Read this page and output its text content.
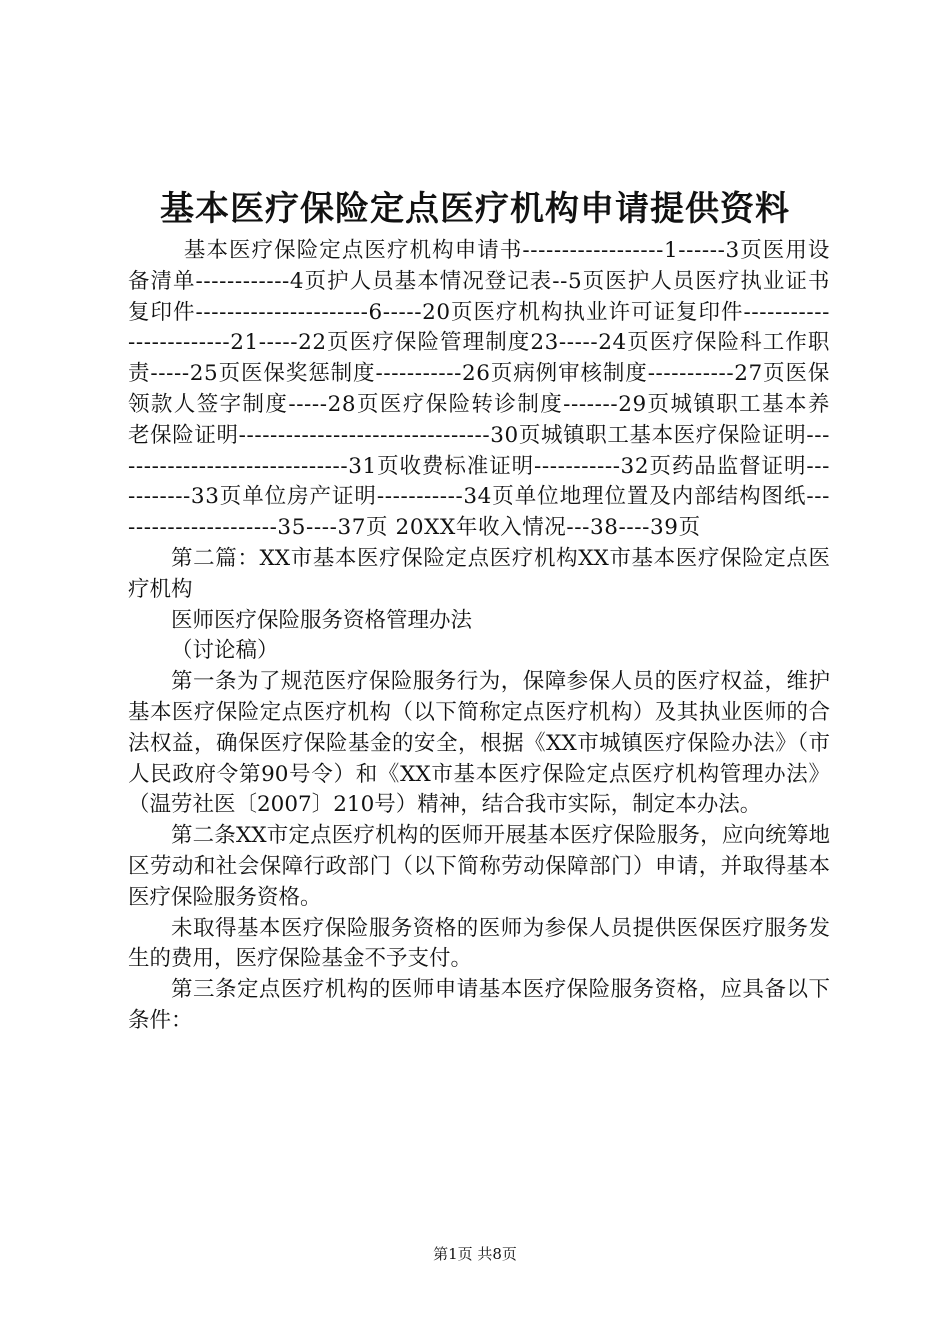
基本医疗保险定点医疗机构申请提供资料

基本医疗保险定点医疗机构申请书------------------1------3页医用设备清单------------4页护人员基本情况登记表--5页医护人员医疗执业证书复印件----------------------6-----20页医疗机构执业许可证复印件------------------------21-----22页医疗保险管理制度23-----24页医疗保险科工作职责-----25页医保奖惩制度-----------26页病例审核制度-----------27页医保领款人签字制度-----28页医疗保险转诊制度-------29页城镇职工基本养老保险证明--------------------------------30页城镇职工基本医疗保险证明-------------------------------31页收费标准证明-----------32页药品监督证明-----------33页单位房产证明-----------34页单位地理位置及内部结构图纸----------------------35----37页 20XX年收入情况---38----39页

第二篇：XX市基本医疗保险定点医疗机构XX市基本医疗保险定点医疗机构

医师医疗保险服务资格管理办法

（讨论稿）

第一条为了规范医疗保险服务行为，保障参保人员的医疗权益，维护基本医疗保险定点医疗机构（以下简称定点医疗机构）及其执业医师的合法权益，确保医疗保险基金的安全，根据《XX市城镇医疗保险办法》（市人民政府令第90号令）和《XX市基本医疗保险定点医疗机构管理办法》（温劳社医〔2007〕210号）精神，结合我市实际，制定本办法。

第二条XX市定点医疗机构的医师开展基本医疗保险服务，应向统筹地区劳动和社会保障行政部门（以下简称劳动保障部门）申请，并取得基本医疗保险服务资格。

未取得基本医疗保险服务资格的医师为参保人员提供医保医疗服务发生的费用，医疗保险基金不予支付。

第三条定点医疗机构的医师申请基本医疗保险服务资格，应具备以下条件：

第1页 共8页
